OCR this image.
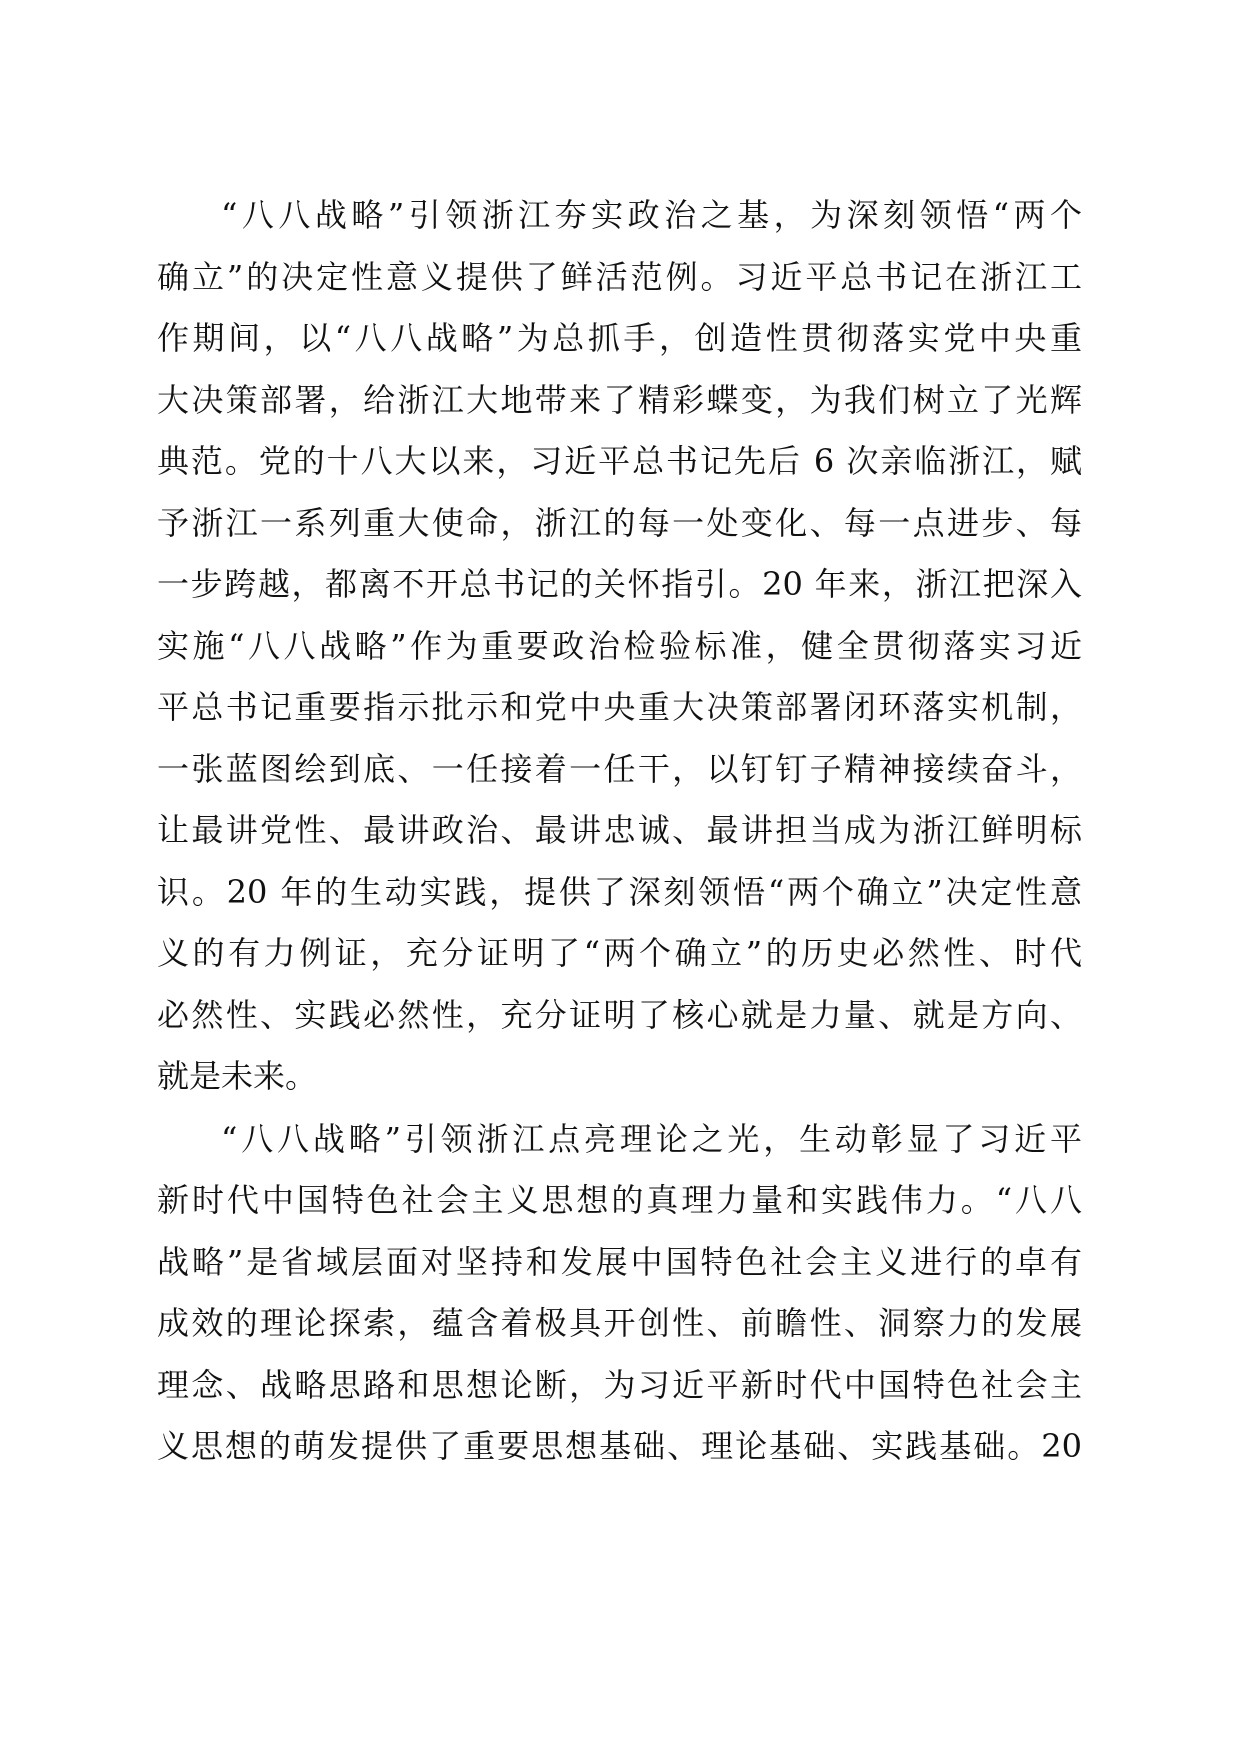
“八八战略”引领浙江夯实政治之基，为深刻领悟“两个
确立”的决定性意义提供了鲜活范例。习近平总书记在浙江工
作期间，以“八八战略”为总抓手，创造性贯彻落实党中央重
大决策部署，给浙江大地带来了精彩蝶变，为我们树立了光辉
典范。党的十八大以来，习近平总书记先后 6 次亲临浙江，赋
予浙江一系列重大使命，浙江的每一处变化、每一点进步、每
一步跨越，都离不开总书记的关怀指引。20 年来，浙江把深入
实施“八八战略”作为重要政治检验标准，健全贯彻落实习近
平总书记重要指示批示和党中央重大决策部署闭环落实机制，
一张蓝图绘到底、一任接着一任干，以钉钉子精神接续奋斗，
让最讲党性、最讲政治、最讲忠诚、最讲担当成为浙江鲜明标
识。20 年的生动实践，提供了深刻领悟“两个确立”决定性意
义的有力例证，充分证明了“两个确立”的历史必然性、时代
必然性、实践必然性，充分证明了核心就是力量、就是方向、
就是未来。
“八八战略”引领浙江点亮理论之光，生动彰显了习近平
新时代中国特色社会主义思想的真理力量和实践伟力。“八八
战略”是省域层面对坚持和发展中国特色社会主义进行的卓有
成效的理论探索，蕴含着极具开创性、前瞻性、洞察力的发展
理念、战略思路和思想论断，为习近平新时代中国特色社会主
义思想的萌发提供了重要思想基础、理论基础、实践基础。20
